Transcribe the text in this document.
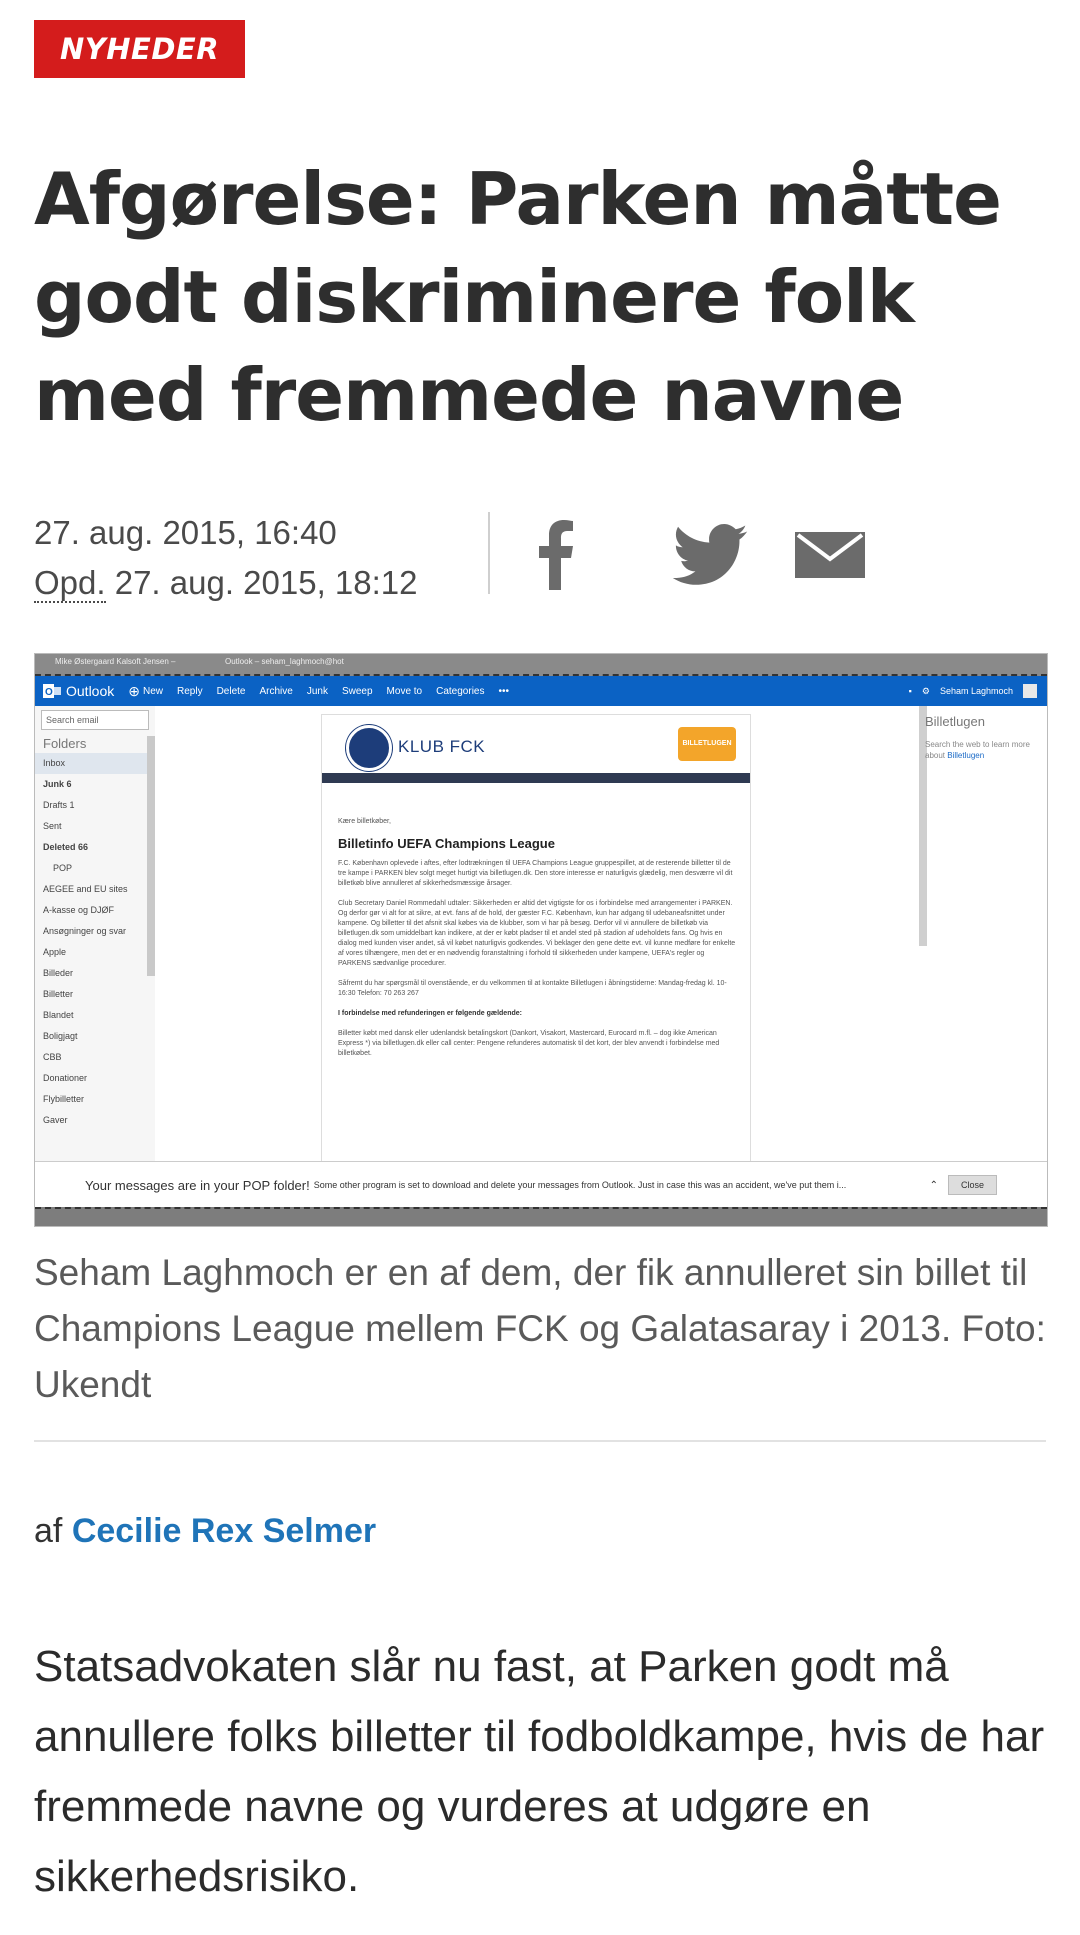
NYHEDER
Afgørelse: Parken måtte godt diskriminere folk med fremmede navne
27. aug. 2015, 16:40
Opd. 27. aug. 2015, 18:12
Mike Østergaard Kalsoft Jensen –	Outlook – seham_laghmoch@hot
O Outlook ⊕ New Reply Delete Archive Junk Sweep Move to Categories •••	▪ ⚙ Seham Laghmoch
Search email
Folders
Inbox
Junk 6
Drafts 1
Sent
Deleted 66
POP
AEGEE and EU sites
A-kasse og DJØF
Ansøgninger og svar
Apple
Billeder
Billetter
Blandet
Boligjagt
CBB
Donationer
Flybilletter
Gaver
KLUB FCK	BILLETLUGEN

Kære billetkøber,

Billetinfo UEFA Champions League

F.C. København oplevede i aftes, efter lodtrækningen til UEFA Champions League gruppespillet, at de resterende billetter til de tre kampe i PARKEN blev solgt meget hurtigt via billetlugen.dk. Den store interesse er naturligvis glædelig, men desværre vil dit billetkøb blive annulleret af sikkerhedsmæssige årsager.

Club Secretary Daniel Rommedahl udtaler: Sikkerheden er altid det vigtigste for os i forbindelse med arrangementer i PARKEN. Og derfor gør vi alt for at sikre, at evt. fans af de hold, der gæster F.C. København, kun har adgang til udebaneafsnittet under kampene. Og billetter til det afsnit skal købes via de klubber, som vi har på besøg. Derfor vil vi annullere de billetkøb via billetlugen.dk som umiddelbart kan indikere, at der er købt pladser til et andel sted på stadion af udeholdets fans. Og hvis en dialog med kunden viser andet, så vil købet naturligvis godkendes. Vi beklager den gene dette evt. vil kunne medføre for enkelte af vores tilhængere, men det er en nødvendig foranstaltning i forhold til sikkerheden under kampene, UEFA's regler og PARKENS sædvanlige procedurer.

Såfremt du har spørgsmål til ovenstående, er du velkommen til at kontakte Billetlugen i åbningstiderne: Mandag-fredag kl. 10-16:30 Telefon: 70 263 267

I forbindelse med refunderingen er følgende gældende:

Billetter købt med dansk eller udenlandsk betalingskort (Dankort, Visakort, Mastercard, Eurocard m.fl. – dog ikke American Express *) via billetlugen.dk eller call center: Pengene refunderes automatisk til det kort, der blev anvendt i forbindelse med billetkøbet.

Billetlugen
Search the web to learn more about Billetlugen
Your messages are in your POP folder! Some other program is set to download and delete your messages from Outlook. Just in case this was an accident, we've put them i...	⌃	Close

Seham Laghmoch er en af dem, der fik annulleret sin billet til Champions League mellem FCK og Galatasaray i 2013. Foto: Ukendt

af Cecilie Rex Selmer

Statsadvokaten slår nu fast, at Parken godt må annullere folks billetter til fodboldkampe, hvis de har fremmede navne og vurderes at udgøre en sikkerhedsrisiko.
